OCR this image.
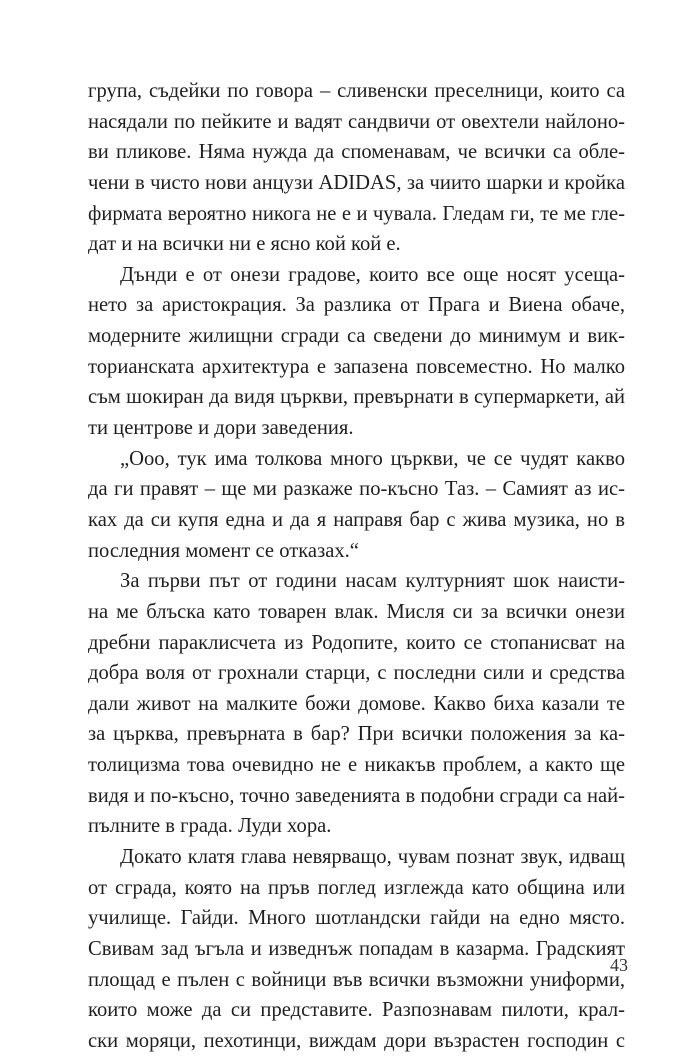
група, съдейки по говора – сливенски преселници, които са
насядали по пейките и вадят сандвичи от овехтели найлоно-
ви пликове. Няма нужда да споменавам, че всички са обле-
чени в чисто нови анцузи ADIDAS, за чиито шарки и кройка
фирмата вероятно никога не е и чувала. Гледам ги, те ме гле-
дат и на всички ни е ясно кой кой е.
Дънди е от онези градове, които все още носят усеща-
нето за аристокрация. За разлика от Прага и Виена обаче,
модерните жилищни сгради са сведени до минимум и вик-
торианската архитектура е запазена повсеместно. Но малко
съм шокиран да видя църкви, превърнати в супермаркети, ай
ти центрове и дори заведения.
„Ооо, тук има толкова много църкви, че се чудят какво
да ги правят – ще ми разкаже по-късно Таз. – Самият аз ис-
ках да си купя една и да я направя бар с жива музика, но в
последния момент се отказах.“
За първи път от години насам културният шок наисти-
на ме блъска като товарен влак. Мисля си за всички онези
дребни параклисчета из Родопите, които се стопанисват на
добра воля от грохнали старци, с последни сили и средства
дали живот на малките божи домове. Какво биха казали те
за църква, превърната в бар? При всички положения за ка-
толицизма това очевидно не е никакъв проблем, а както ще
видя и по-късно, точно заведенията в подобни сгради са най-
пълните в града. Луди хора.
Докато клатя глава невярващо, чувам познат звук, идващ
от сграда, която на пръв поглед изглежда като община или
училище. Гайди. Много шотландски гайди на едно място.
Свивам зад ъгъла и изведнъж попадам в казарма. Градският
площад е пълен с войници във всички възможни униформи,
които може да си представите. Разпознавам пилоти, крал-
ски моряци, пехотинци, виждам дори възрастен господин с
43
